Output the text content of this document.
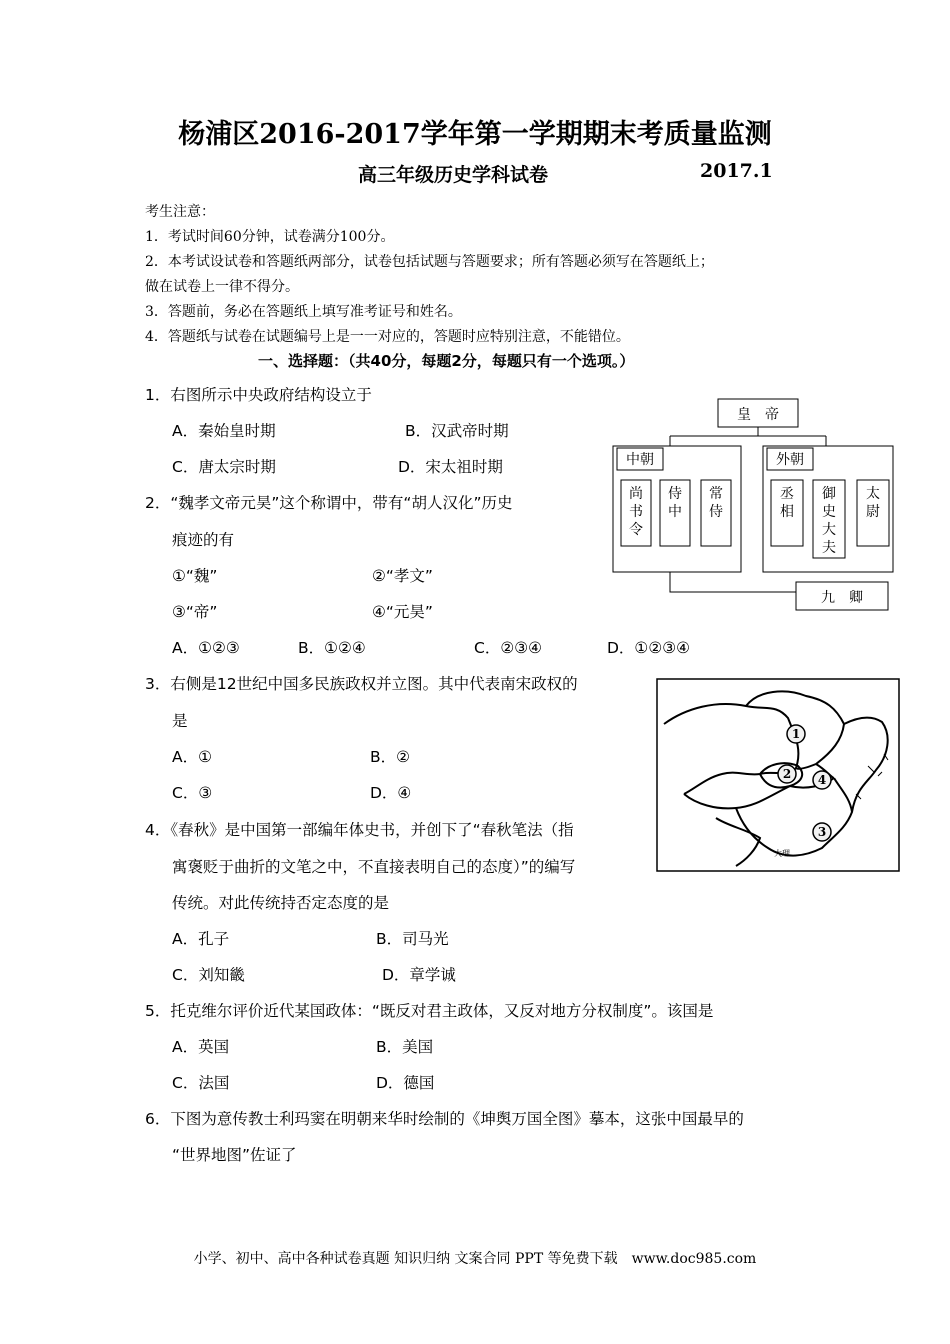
杨浦区2016-2017学年第一学期期末考质量监测
高三年级历史学科试卷	2017.1
考生注意：
1．考试时间60分钟，试卷满分100分。
2．本考试设试卷和答题纸两部分，试卷包括试题与答题要求；所有答题必须写在答题纸上；
做在试卷上一律不得分。
3．答题前，务必在答题纸上填写准考证号和姓名。
4．答题纸与试卷在试题编号上是一一对应的，答题时应特别注意，不能错位。
一、选择题：（共40分，每题2分，每题只有一个选项。）
1．右图所示中央政府结构设立于
A．秦始皇时期	B．汉武帝时期
C．唐太宗时期	D．宋太祖时期
2．“魏孝文帝元昊”这个称谓中，带有“胡人汉化”历史
痕迹的有
①“魏”	②“孝文”
③“帝”	④“元昊”
A．①②③	B．①②④	C．②③④	D．①②③④
3．右侧是12世纪中国多民族政权并立图。其中代表南宋政权的
是
A．①	B．②
C．③	D．④
4．《春秋》是中国第一部编年体史书，并创下了“春秋笔法（指
寓褒贬于曲折的文笔之中，不直接表明自己的态度）”的编写
传统。对此传统持否定态度的是
A．孔子	B．司马光
C．刘知畿	D．章学诚
5．托克维尔评价近代某国政体：“既反对君主政体，又反对地方分权制度”。该国是
A．英国	B．美国
C．法国	D．德国
6．下图为意传教士利玛窦在明朝来华时绘制的《坤舆万国全图》摹本，这张中国最早的
“世界地图”佐证了
皇　帝
中朝	外朝
九　卿
尚
书
令
侍
中
常
侍
丞
相
御
史
大
夫
太
尉
1
2
3
4
大理
小学、初中、高中各种试卷真题 知识归纳 文案合同 PPT 等免费下载　www.doc985.com
